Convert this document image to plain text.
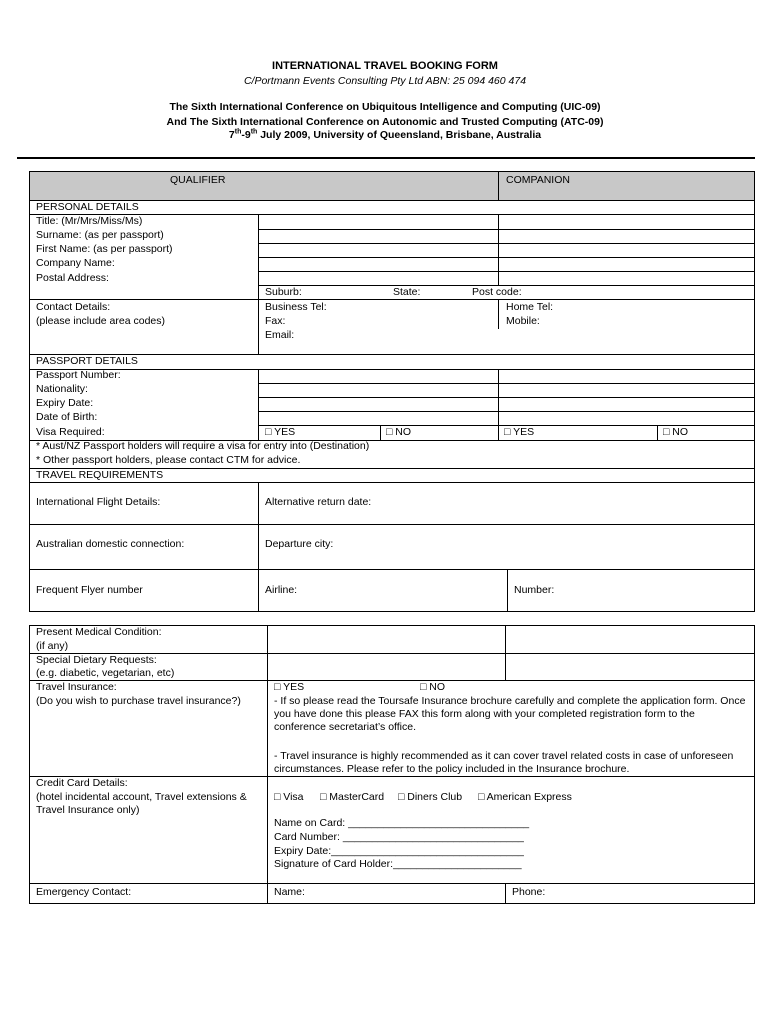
INTERNATIONAL TRAVEL BOOKING FORM
C/Portmann Events Consulting Pty Ltd ABN: 25 094 460 474
The Sixth International Conference on Ubiquitous Intelligence and Computing (UIC-09)
And The Sixth International Conference on Autonomic and Trusted Computing (ATC-09)
7th-9th July 2009, University of Queensland, Brisbane, Australia
QUALIFIER	COMPANION
PERSONAL DETAILS
Title: (Mr/Mrs/Miss/Ms)
Surname: (as per passport)
First Name: (as per passport)
Company Name:
Postal Address:
Suburb:	State:	Post code:
Contact Details:
(please include area codes)
Business Tel:
Fax:
Email:
Home Tel:
Mobile:
PASSPORT DETAILS
Passport Number:
Nationality:
Expiry Date:
Date of Birth:
Visa Required:	□ YES	□ NO	□ YES	□ NO
* Aust/NZ Passport holders will require a visa for entry into (Destination)
* Other passport holders, please contact CTM for advice.
TRAVEL REQUIREMENTS
International Flight Details:	Alternative return date:
Australian domestic connection:	Departure city:
Frequent Flyer number	Airline:	Number:
Present Medical Condition:
(if any)
Special Dietary Requests:
(e.g. diabetic, vegetarian, etc)
Travel Insurance:
(Do you wish to purchase travel insurance?)
□ YES	□ NO
- If so please read the Toursafe Insurance brochure carefully and complete the application form. Once you have done this please FAX this form along with your completed registration form to the conference secretariat’s office.
- Travel insurance is highly recommended as it can cover travel related costs in case of unforeseen circumstances. Please refer to the policy included in the Insurance brochure.
Credit Card Details:
(hotel incidental account, Travel extensions & Travel Insurance only)
□ Visa □ MasterCard □ Diners Club □ American Express
Name on Card: _______________________________
Card Number: _______________________________
Expiry Date:_________________________________
Signature of Card Holder:______________________
Emergency Contact:	Name:	Phone:
